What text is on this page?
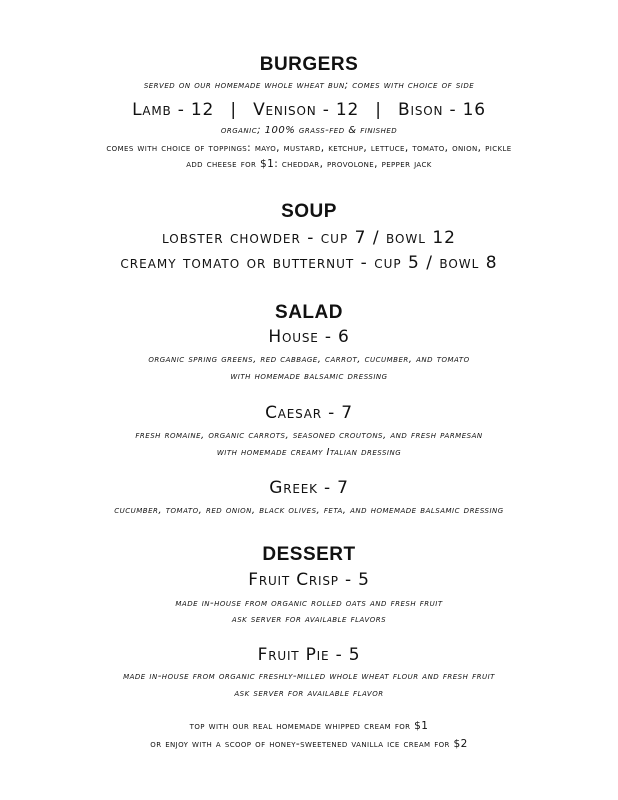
BURGERS
served on our homemade whole wheat bun; comes with choice of side
Lamb - 12 | Venison - 12 | Bison - 16
organic; 100% grass-fed & finished
comes with choice of toppings: mayo, mustard, ketchup, lettuce, tomato, onion, pickle
add cheese for $1: cheddar, provolone, pepper jack
SOUP
lobster chowder - cup 7 / bowl 12
creamy tomato or butternut - cup 5 / bowl 8
SALAD
House - 6
organic spring greens, red cabbage, carrot, cucumber, and tomato
with homemade balsamic dressing
Caesar - 7
fresh romaine, organic carrots, seasoned croutons, and fresh parmesan
with homemade creamy Italian dressing
Greek - 7
cucumber, tomato, red onion, black olives, feta, and homemade balsamic dressing
DESSERT
Fruit Crisp - 5
made in-house from organic rolled oats and fresh fruit
ask server for available flavors
Fruit Pie - 5
made in-house from organic freshly-milled whole wheat flour and fresh fruit
ask server for available flavor
top with our real homemade whipped cream for $1
or enjoy with a scoop of honey-sweetened vanilla ice cream for $2
